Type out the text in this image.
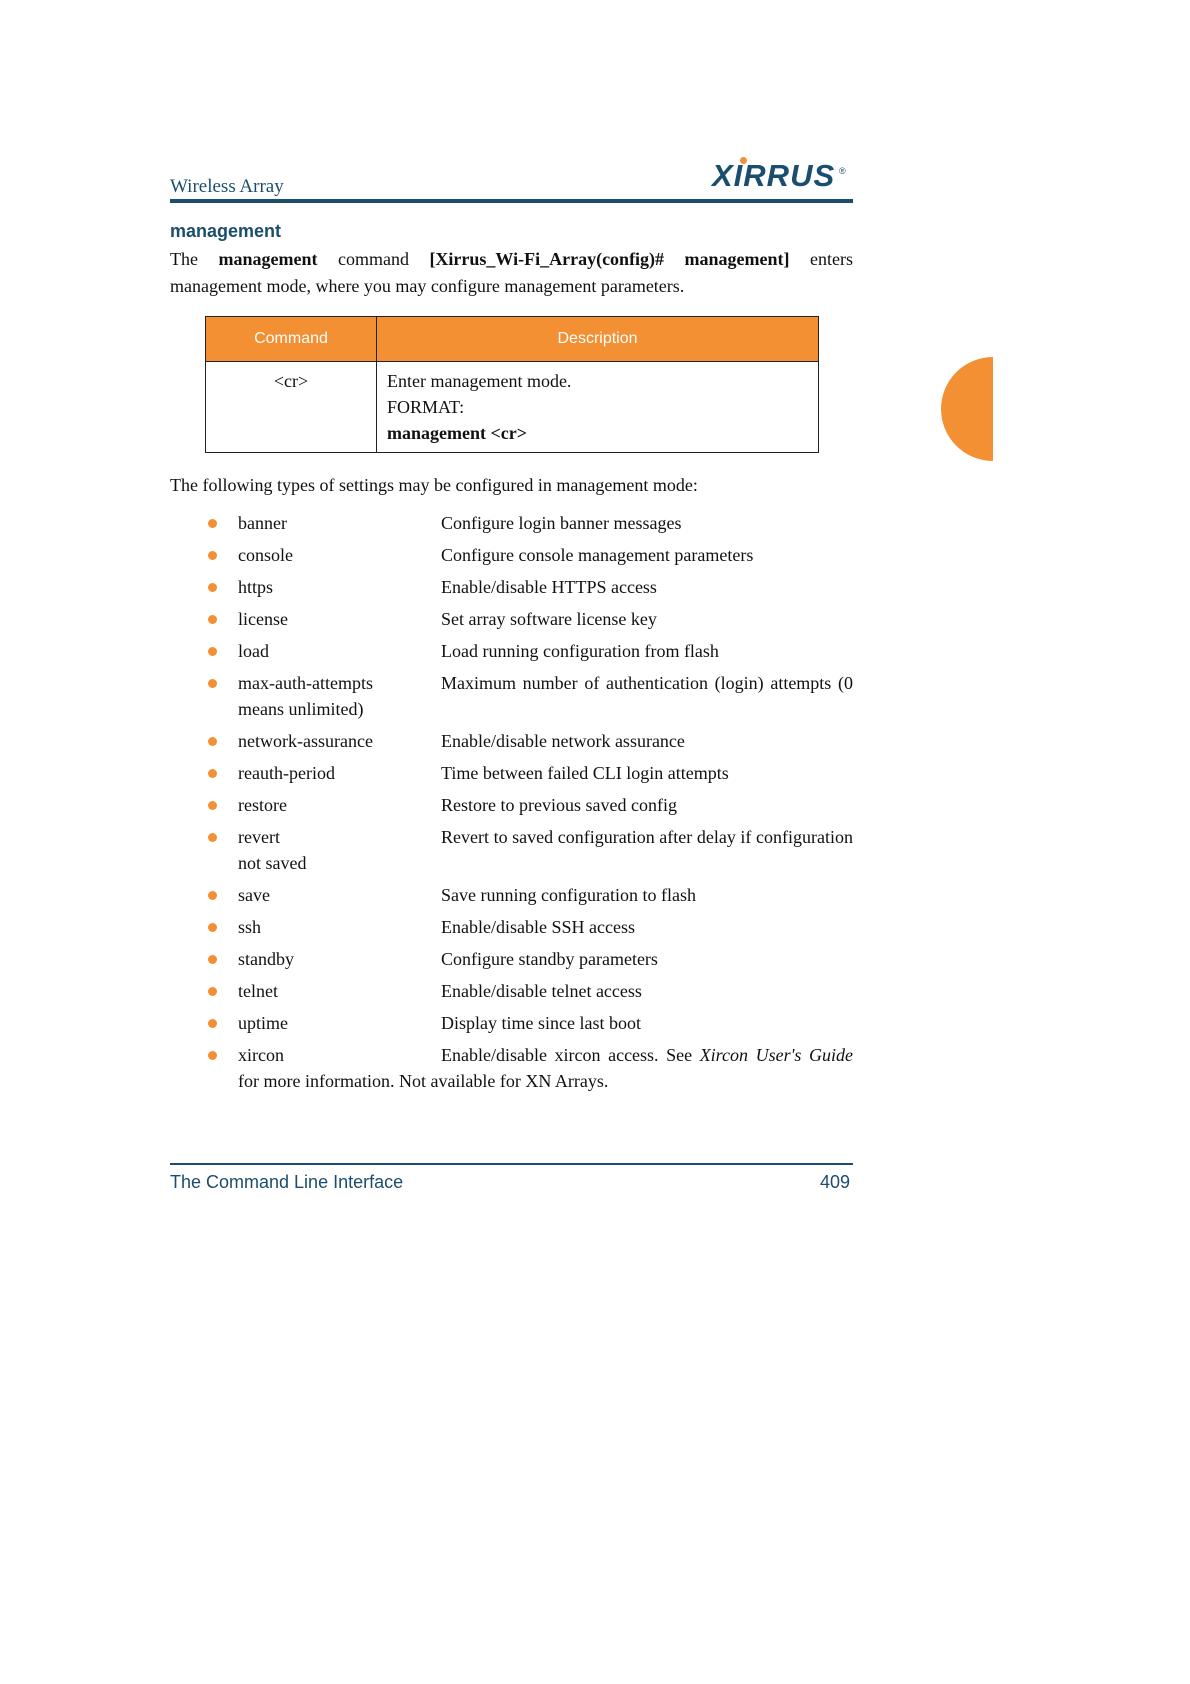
Wireless Array	XIRRUS ®
management
The management command [Xirrus_Wi-Fi_Array(config)# management] enters management mode, where you may configure management parameters.
Command	Description
<cr>	Enter management mode.
FORMAT:
management <cr>
The following types of settings may be configured in management mode:
banner	Configure login banner messages
console	Configure console management parameters
https	Enable/disable HTTPS access
license	Set array software license key
load	Load running configuration from flash
max-auth-attempts	Maximum number of authentication (login) attempts (0 means unlimited)
network-assurance	Enable/disable network assurance
reauth-period	Time between failed CLI login attempts
restore	Restore to previous saved config
revert	Revert to saved configuration after delay if configuration not saved
save	Save running configuration to flash
ssh	Enable/disable SSH access
standby	Configure standby parameters
telnet	Enable/disable telnet access
uptime	Display time since last boot
xircon	Enable/disable xircon access. See Xircon User's Guide for more information. Not available for XN Arrays.
The Command Line Interface	409
